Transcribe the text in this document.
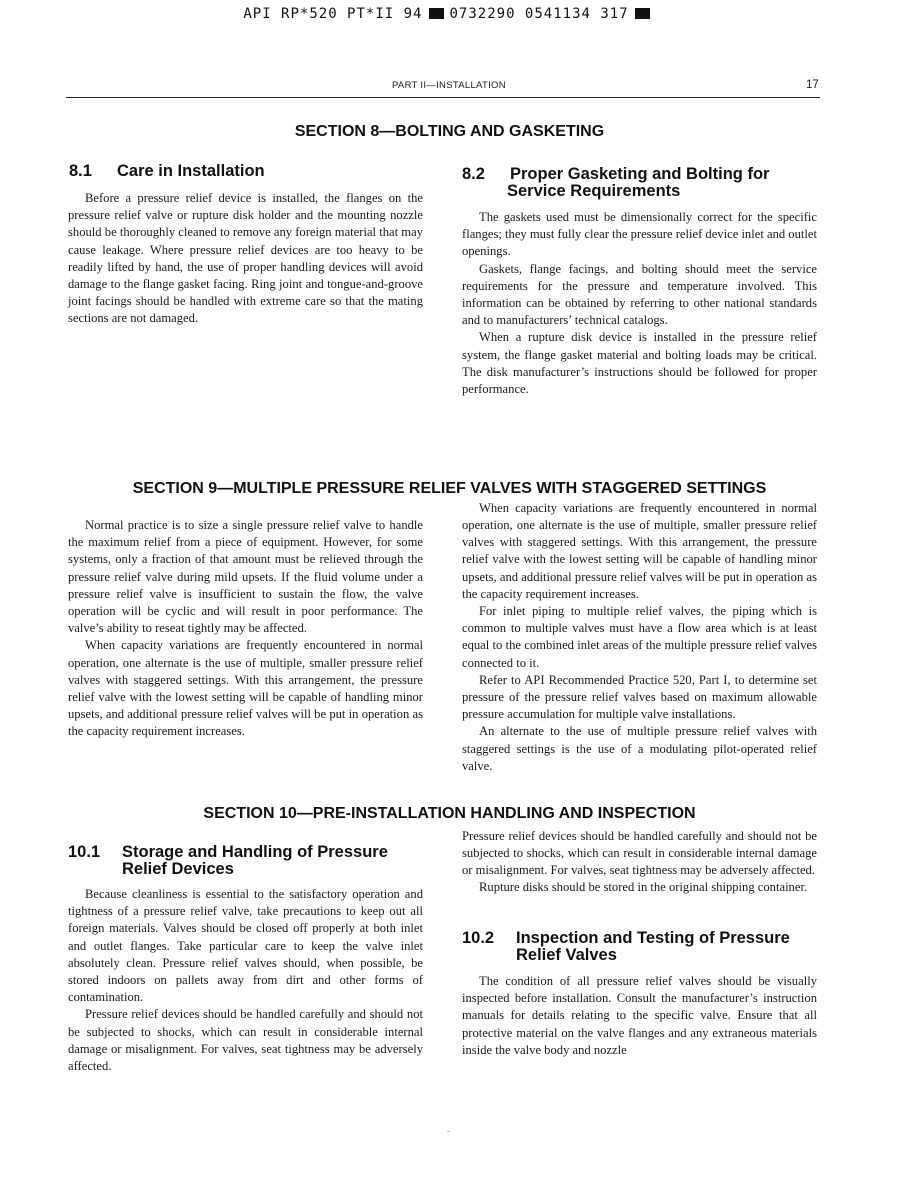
API RP*520 PT*II 94 0732290 0541134 317
PART II—INSTALLATION	17
SECTION 8—BOLTING AND GASKETING
8.1 Care in Installation

Before a pressure relief device is installed, the flanges on the pressure relief valve or rupture disk holder and the mounting nozzle should be thoroughly cleaned to remove any foreign material that may cause leakage. Where pressure relief devices are too heavy to be readily lifted by hand, the use of proper handling devices will avoid damage to the flange gasket facing. Ring joint and tongue-and-groove joint facings should be handled with extreme care so that the mating sections are not damaged.

8.2 Proper Gasketing and Bolting for
Service Requirements

The gaskets used must be dimensionally correct for the specific flanges; they must fully clear the pressure relief device inlet and outlet openings.

Gaskets, flange facings, and bolting should meet the service requirements for the pressure and temperature involved. This information can be obtained by referring to other national standards and to manufacturers’ technical catalogs.

When a rupture disk device is installed in the pressure relief system, the flange gasket material and bolting loads may be critical. The disk manufacturer’s instructions should be followed for proper performance.

SECTION 9—MULTIPLE PRESSURE RELIEF VALVES WITH STAGGERED SETTINGS

Normal practice is to size a single pressure relief valve to handle the maximum relief from a piece of equipment. However, for some systems, only a fraction of that amount must be relieved through the pressure relief valve during mild upsets. If the fluid volume under a pressure relief valve is insufficient to sustain the flow, the valve operation will be cyclic and will result in poor performance. The valve’s ability to reseat tightly may be affected.

When capacity variations are frequently encountered in normal operation, one alternate is the use of multiple, smaller pressure relief valves with staggered settings. With this arrangement, the pressure relief valve with the lowest setting will be capable of handling minor upsets, and additional pressure relief valves will be put in operation as the capacity requirement increases.

When capacity variations are frequently encountered in normal operation, one alternate is the use of multiple, smaller pressure relief valves with staggered settings. With this arrangement, the pressure relief valve with the lowest setting will be capable of handling minor upsets, and additional pressure relief valves will be put in operation as the capacity requirement increases.

For inlet piping to multiple relief valves, the piping which is common to multiple valves must have a flow area which is at least equal to the combined inlet areas of the multiple pressure relief valves connected to it.

Refer to API Recommended Practice 520, Part I, to determine set pressure of the pressure relief valves based on maximum allowable pressure accumulation for multiple valve installations.

An alternate to the use of multiple pressure relief valves with staggered settings is the use of a modulating pilot-operated relief valve.

SECTION 10—PRE-INSTALLATION HANDLING AND INSPECTION
10.1 Storage and Handling of Pressure
Relief Devices

Because cleanliness is essential to the satisfactory operation and tightness of a pressure relief valve, take precautions to keep out all foreign materials. Valves should be closed off properly at both inlet and outlet flanges. Take particular care to keep the valve inlet absolutely clean. Pressure relief valves should, when possible, be stored indoors on pallets away from dirt and other forms of contamination.

Pressure relief devices should be handled carefully and should not be subjected to shocks, which can result in considerable internal damage or misalignment. For valves, seat tightness may be adversely affected.

Pressure relief devices should be handled carefully and should not be subjected to shocks, which can result in considerable internal damage or misalignment. For valves, seat tightness may be adversely affected.

Rupture disks should be stored in the original shipping container.

10.2 Inspection and Testing of Pressure
Relief Valves

The condition of all pressure relief valves should be visually inspected before installation. Consult the manufacturer’s instruction manuals for details relating to the specific valve. Ensure that all protective material on the valve flanges and any extraneous materials inside the valve body and nozzle
